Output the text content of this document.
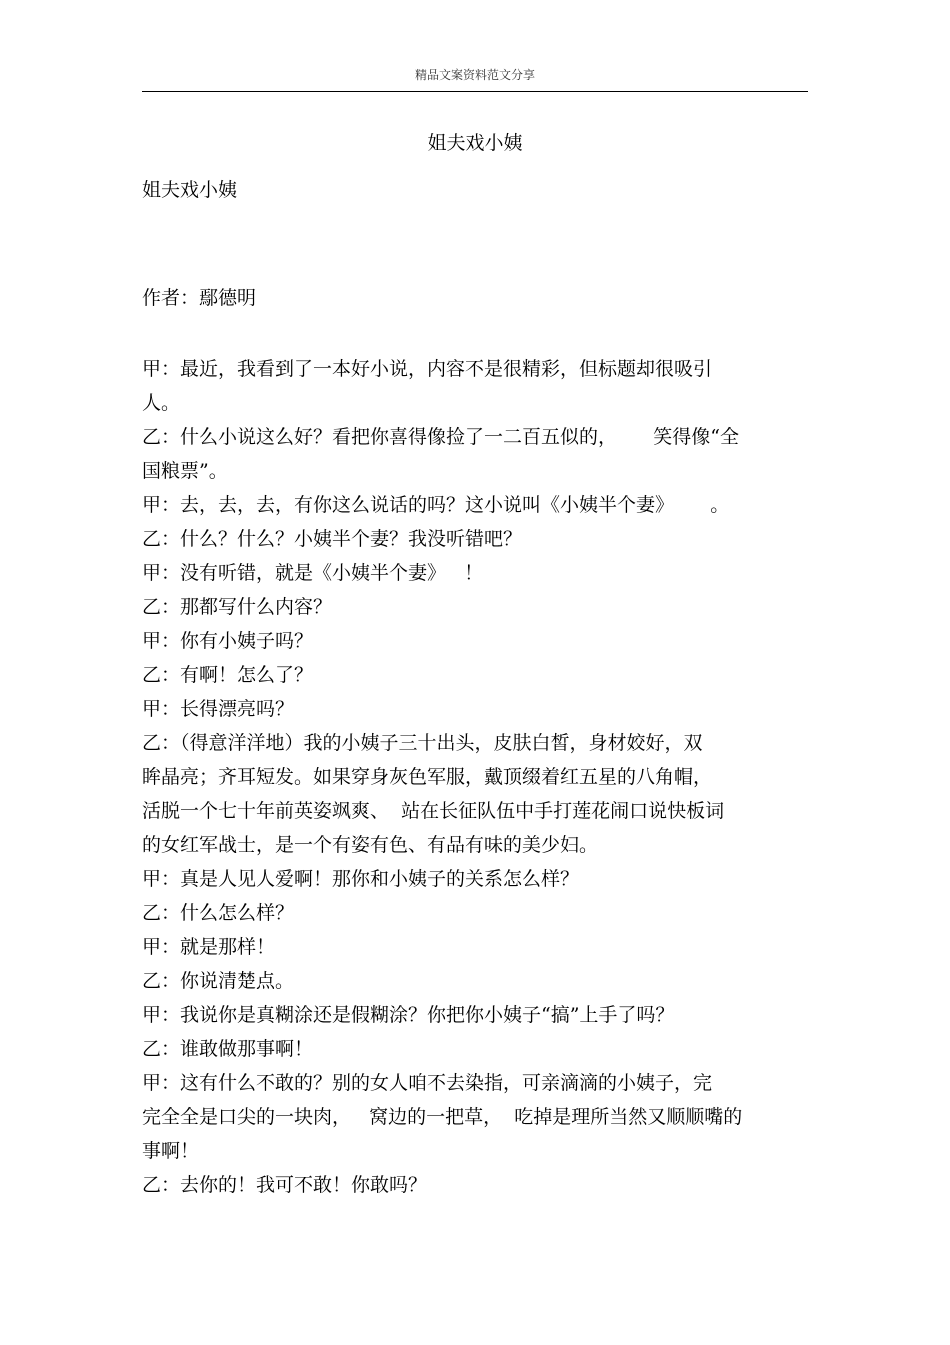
精品文案资料范文分享
姐夫戏小姨
姐夫戏小姨
作者：鄢德明
甲：最近，我看到了一本好小说，内容不是很精彩，但标题却很吸引
人。
乙：什么小说这么好？看把你喜得像捡了一二百五似的，      笑得像“全
国粮票”。
甲：去，去，去，有你这么说话的吗？这小说叫《小姨半个妻》      。
乙：什么？什么？小姨半个妻？我没听错吧？
甲：没有听错，就是《小姨半个妻》   ！
乙：那都写什么内容？
甲：你有小姨子吗？
乙：有啊！怎么了？
甲：长得漂亮吗？
乙：（得意洋洋地）我的小姨子三十出头，皮肤白皙，身材姣好，双
眸晶亮；齐耳短发。如果穿身灰色军服，戴顶缀着红五星的八角帽，
活脱一个七十年前英姿飒爽、  站在长征队伍中手打莲花闹口说快板词
的女红军战士，是一个有姿有色、有品有味的美少妇。
甲：真是人见人爱啊！那你和小姨子的关系怎么样？
乙：什么怎么样？
甲：就是那样！
乙：你说清楚点。
甲：我说你是真糊涂还是假糊涂？你把你小姨子“搞”上手了吗？
乙：谁敢做那事啊！
甲：这有什么不敢的？别的女人咱不去染指，可亲滴滴的小姨子，完
完全全是口尖的一块肉，   窝边的一把草，  吃掉是理所当然又顺顺嘴的
事啊！
乙：去你的！我可不敢！你敢吗？
